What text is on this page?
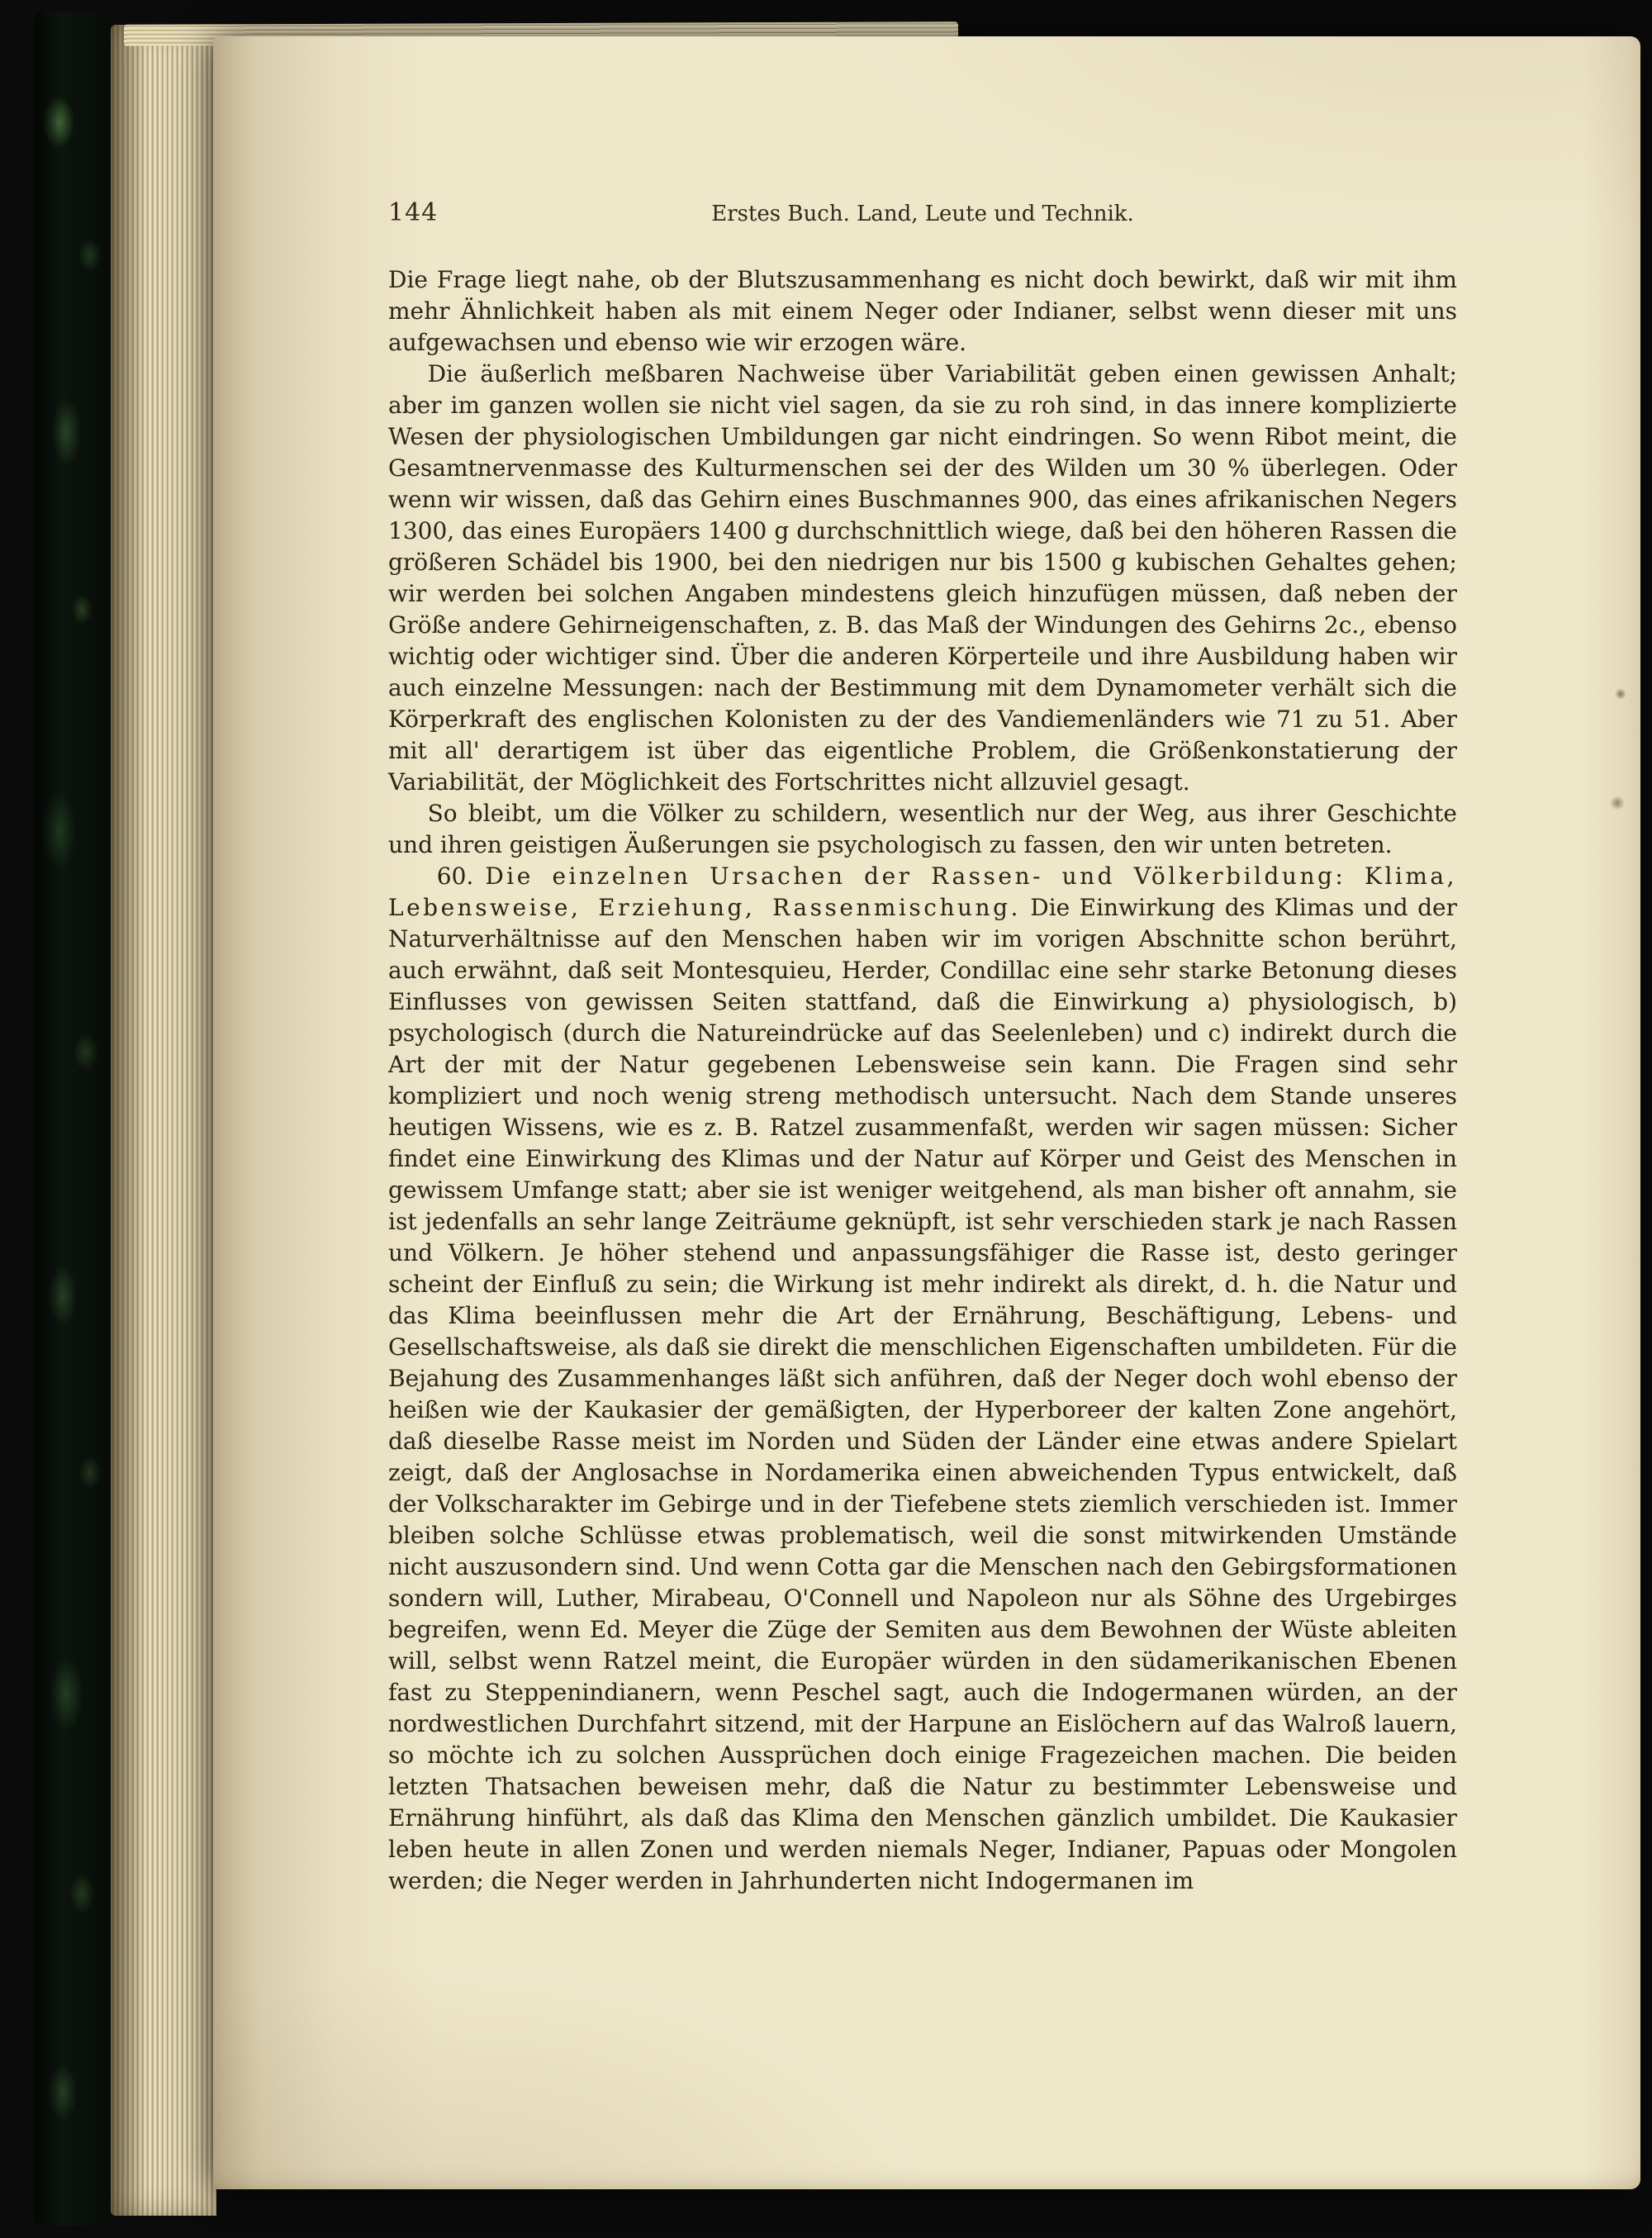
144	Erstes Buch. Land, Leute und Technik.

Die Frage liegt nahe, ob der Blutszusammenhang es nicht doch bewirkt, daß wir mit ihm mehr Ähnlichkeit haben als mit einem Neger oder Indianer, selbst wenn dieser mit uns aufgewachsen und ebenso wie wir erzogen wäre.

Die äußerlich meßbaren Nachweise über Variabilität geben einen gewissen Anhalt; aber im ganzen wollen sie nicht viel sagen, da sie zu roh sind, in das innere komplizierte Wesen der physiologischen Umbildungen gar nicht eindringen. So wenn Ribot meint, die Gesamtnervenmasse des Kulturmenschen sei der des Wilden um 30 % überlegen. Oder wenn wir wissen, daß das Gehirn eines Buschmannes 900, das eines afrikanischen Negers 1300, das eines Europäers 1400 g durchschnittlich wiege, daß bei den höheren Rassen die größeren Schädel bis 1900, bei den niedrigen nur bis 1500 g kubischen Gehaltes gehen; wir werden bei solchen Angaben mindestens gleich hinzufügen müssen, daß neben der Größe andere Gehirneigenschaften, z. B. das Maß der Windungen des Gehirns 2c., ebenso wichtig oder wichtiger sind. Über die anderen Körperteile und ihre Ausbildung haben wir auch einzelne Messungen: nach der Bestimmung mit dem Dynamometer verhält sich die Körperkraft des englischen Kolonisten zu der des Vandiemenländers wie 71 zu 51. Aber mit all' derartigem ist über das eigentliche Problem, die Größenkonstatierung der Variabilität, der Möglichkeit des Fortschrittes nicht allzuviel gesagt.

So bleibt, um die Völker zu schildern, wesentlich nur der Weg, aus ihrer Geschichte und ihren geistigen Äußerungen sie psychologisch zu fassen, den wir unten betreten.

60. Die einzelnen Ursachen der Rassen- und Völkerbildung: Klima, Lebensweise, Erziehung, Rassenmischung. Die Einwirkung des Klimas und der Naturverhältnisse auf den Menschen haben wir im vorigen Abschnitte schon berührt, auch erwähnt, daß seit Montesquieu, Herder, Condillac eine sehr starke Betonung dieses Einflusses von gewissen Seiten stattfand, daß die Einwirkung a) physiologisch, b) psychologisch (durch die Natureindrücke auf das Seelenleben) und c) indirekt durch die Art der mit der Natur gegebenen Lebensweise sein kann. Die Fragen sind sehr kompliziert und noch wenig streng methodisch untersucht. Nach dem Stande unseres heutigen Wissens, wie es z. B. Ratzel zusammenfaßt, werden wir sagen müssen: Sicher findet eine Einwirkung des Klimas und der Natur auf Körper und Geist des Menschen in gewissem Umfange statt; aber sie ist weniger weitgehend, als man bisher oft annahm, sie ist jedenfalls an sehr lange Zeiträume geknüpft, ist sehr verschieden stark je nach Rassen und Völkern. Je höher stehend und anpassungsfähiger die Rasse ist, desto geringer scheint der Einfluß zu sein; die Wirkung ist mehr indirekt als direkt, d. h. die Natur und das Klima beeinflussen mehr die Art der Ernährung, Beschäftigung, Lebens- und Gesellschaftsweise, als daß sie direkt die menschlichen Eigenschaften umbildeten. Für die Bejahung des Zusammenhanges läßt sich anführen, daß der Neger doch wohl ebenso der heißen wie der Kaukasier der gemäßigten, der Hyperboreer der kalten Zone angehört, daß dieselbe Rasse meist im Norden und Süden der Länder eine etwas andere Spielart zeigt, daß der Anglosachse in Nordamerika einen abweichenden Typus entwickelt, daß der Volkscharakter im Gebirge und in der Tiefebene stets ziemlich verschieden ist. Immer bleiben solche Schlüsse etwas problematisch, weil die sonst mitwirkenden Umstände nicht auszusondern sind. Und wenn Cotta gar die Menschen nach den Gebirgsformationen sondern will, Luther, Mirabeau, O'Connell und Napoleon nur als Söhne des Urgebirges begreifen, wenn Ed. Meyer die Züge der Semiten aus dem Bewohnen der Wüste ableiten will, selbst wenn Ratzel meint, die Europäer würden in den südamerikanischen Ebenen fast zu Steppenindianern, wenn Peschel sagt, auch die Indogermanen würden, an der nordwestlichen Durchfahrt sitzend, mit der Harpune an Eislöchern auf das Walroß lauern, so möchte ich zu solchen Aussprüchen doch einige Fragezeichen machen. Die beiden letzten Thatsachen beweisen mehr, daß die Natur zu bestimmter Lebensweise und Ernährung hinführt, als daß das Klima den Menschen gänzlich umbildet. Die Kaukasier leben heute in allen Zonen und werden niemals Neger, Indianer, Papuas oder Mongolen werden; die Neger werden in Jahrhunderten nicht Indogermanen im
